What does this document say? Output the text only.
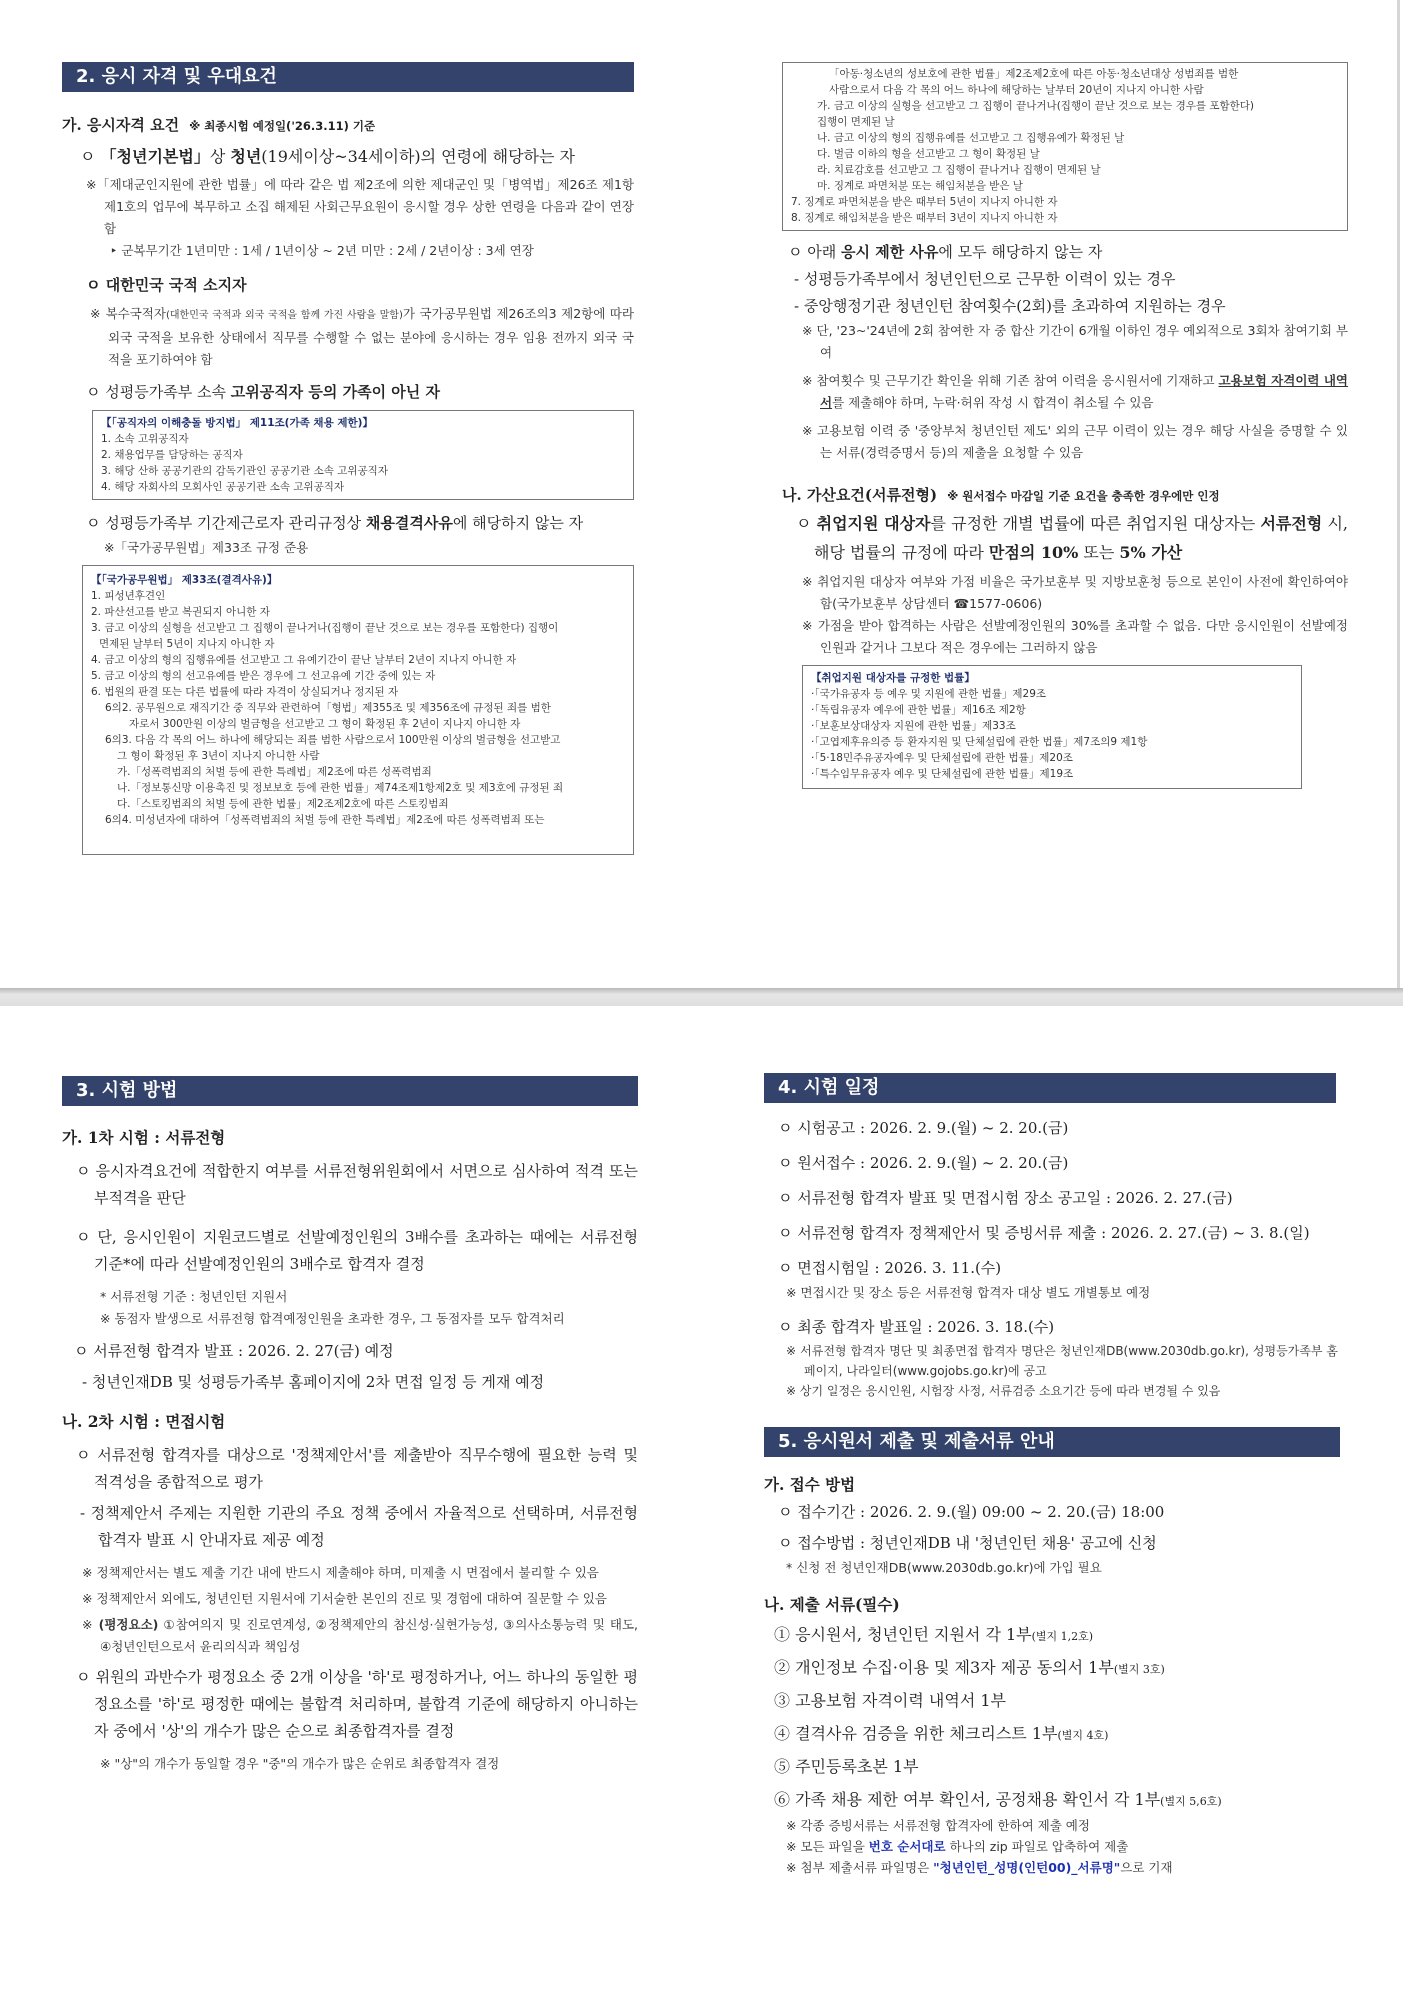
2. 응시 자격 및 우대요건
가. 응시자격 요건 ※ 최종시험 예정일('26.3.11) 기준
ㅇ 「청년기본법」상 청년(19세이상~34세이하)의 연령에 해당하는 자
※「제대군인지원에 관한 법률」에 따라 같은 법 제2조에 의한 제대군인 및「병역법」제26조 제1항 제1호의 업무에 복무하고 소집 해제된 사회근무요원이 응시할 경우 상한 연령을 다음과 같이 연장함
‣ 군복무기간 1년미만 : 1세 / 1년이상 ~ 2년 미만 : 2세 / 2년이상 : 3세 연장
ㅇ 대한민국 국적 소지자
※ 복수국적자(대한민국 국적과 외국 국적을 함께 가진 사람을 말함)가 국가공무원법 제26조의3 제2항에 따라 외국 국적을 보유한 상태에서 직무를 수행할 수 없는 분야에 응시하는 경우 임용 전까지 외국 국적을 포기하여야 함
ㅇ 성평등가족부 소속 고위공직자 등의 가족이 아닌 자
【「공직자의 이해충돌 방지법」 제11조(가족 채용 제한)】
1. 소속 고위공직자
2. 채용업무를 담당하는 공직자
3. 해당 산하 공공기관의 감독기관인 공공기관 소속 고위공직자
4. 해당 자회사의 모회사인 공공기관 소속 고위공직자
ㅇ 성평등가족부 기간제근로자 관리규정상 채용결격사유에 해당하지 않는 자
※「국가공무원법」제33조 규정 준용
【「국가공무원법」 제33조(결격사유)】
1. 피성년후견인
2. 파산선고를 받고 복권되지 아니한 자
3. 금고 이상의 실형을 선고받고 그 집행이 끝나거나(집행이 끝난 것으로 보는 경우를 포함한다) 집행이
면제된 날부터 5년이 지나지 아니한 자
4. 금고 이상의 형의 집행유예를 선고받고 그 유예기간이 끝난 날부터 2년이 지나지 아니한 자
5. 금고 이상의 형의 선고유예를 받은 경우에 그 선고유예 기간 중에 있는 자
6. 법원의 판결 또는 다른 법률에 따라 자격이 상실되거나 정지된 자
6의2. 공무원으로 재직기간 중 직무와 관련하여「형법」제355조 및 제356조에 규정된 죄를 범한
자로서 300만원 이상의 벌금형을 선고받고 그 형이 확정된 후 2년이 지나지 아니한 자
6의3. 다음 각 목의 어느 하나에 해당되는 죄를 범한 사람으로서 100만원 이상의 벌금형을 선고받고
그 형이 확정된 후 3년이 지나지 아니한 사람
가.「성폭력범죄의 처벌 등에 관한 특례법」제2조에 따른 성폭력범죄
나.「정보통신망 이용촉진 및 정보보호 등에 관한 법률」제74조제1항제2호 및 제3호에 규정된 죄
다.「스토킹범죄의 처벌 등에 관한 법률」제2조제2호에 따른 스토킹범죄
6의4. 미성년자에 대하여「성폭력범죄의 처벌 등에 관한 특례법」제2조에 따른 성폭력범죄 또는
「아동·청소년의 성보호에 관한 법률」제2조제2호에 따른 아동·청소년대상 성범죄를 범한
사람으로서 다음 각 목의 어느 하나에 해당하는 날부터 20년이 지나지 아니한 사람
가. 금고 이상의 실형을 선고받고 그 집행이 끝나거나(집행이 끝난 것으로 보는 경우를 포함한다)
집행이 면제된 날
나. 금고 이상의 형의 집행유예를 선고받고 그 집행유예가 확정된 날
다. 벌금 이하의 형을 선고받고 그 형이 확정된 날
라. 치료감호를 선고받고 그 집행이 끝나거나 집행이 면제된 날
마. 징계로 파면처분 또는 해임처분을 받은 날
7. 징계로 파면처분을 받은 때부터 5년이 지나지 아니한 자
8. 징계로 해임처분을 받은 때부터 3년이 지나지 아니한 자
ㅇ 아래 응시 제한 사유에 모두 해당하지 않는 자
- 성평등가족부에서 청년인턴으로 근무한 이력이 있는 경우
- 중앙행정기관 청년인턴 참여횟수(2회)를 초과하여 지원하는 경우
※ 단, '23~'24년에 2회 참여한 자 중 합산 기간이 6개월 이하인 경우 예외적으로 3회차 참여기회 부여
※ 참여횟수 및 근무기간 확인을 위해 기존 참여 이력을 응시원서에 기재하고 고용보험 자격이력 내역서를 제출해야 하며, 누락·허위 작성 시 합격이 취소될 수 있음
※ 고용보험 이력 중 '중앙부처 청년인턴 제도' 외의 근무 이력이 있는 경우 해당 사실을 증명할 수 있는 서류(경력증명서 등)의 제출을 요청할 수 있음
나. 가산요건(서류전형) ※ 원서접수 마감일 기준 요건을 충족한 경우에만 인정
ㅇ 취업지원 대상자를 규정한 개별 법률에 따른 취업지원 대상자는 서류전형 시, 해당 법률의 규정에 따라 만점의 10% 또는 5% 가산
※ 취업지원 대상자 여부와 가점 비율은 국가보훈부 및 지방보훈청 등으로 본인이 사전에 확인하여야 함(국가보훈부 상담센터 ☎1577-0606)
※ 가점을 받아 합격하는 사람은 선발예정인원의 30%를 초과할 수 없음. 다만 응시인원이 선발예정인원과 같거나 그보다 적은 경우에는 그러하지 않음
【취업지원 대상자를 규정한 법률】
·「국가유공자 등 예우 및 지원에 관한 법률」제29조
·「독립유공자 예우에 관한 법률」제16조 제2항
·「보훈보상대상자 지원에 관한 법률」제33조
·「고엽제후유의증 등 환자지원 및 단체설립에 관한 법률」제7조의9 제1항
·「5·18민주유공자예우 및 단체설립에 관한 법률」제20조
·「특수임무유공자 예우 및 단체설립에 관한 법률」제19조
3. 시험 방법
가. 1차 시험 : 서류전형
ㅇ 응시자격요건에 적합한지 여부를 서류전형위원회에서 서면으로 심사하여 적격 또는 부적격을 판단
ㅇ 단, 응시인원이 지원코드별로 선발예정인원의 3배수를 초과하는 때에는 서류전형 기준*에 따라 선발예정인원의 3배수로 합격자 결정
* 서류전형 기준 : 청년인턴 지원서
※ 동점자 발생으로 서류전형 합격예정인원을 초과한 경우, 그 동점자를 모두 합격처리
ㅇ 서류전형 합격자 발표 : 2026. 2. 27(금) 예정
- 청년인재DB 및 성평등가족부 홈페이지에 2차 면접 일정 등 게재 예정
나. 2차 시험 : 면접시험
ㅇ 서류전형 합격자를 대상으로 '정책제안서'를 제출받아 직무수행에 필요한 능력 및 적격성을 종합적으로 평가
- 정책제안서 주제는 지원한 기관의 주요 정책 중에서 자율적으로 선택하며, 서류전형 합격자 발표 시 안내자료 제공 예정
※ 정책제안서는 별도 제출 기간 내에 반드시 제출해야 하며, 미제출 시 면접에서 불리할 수 있음
※ 정책제안서 외에도, 청년인턴 지원서에 기서술한 본인의 진로 및 경험에 대하여 질문할 수 있음
※ (평정요소) ①참여의지 및 진로연계성, ②정책제안의 참신성·실현가능성, ③의사소통능력 및 태도, ④청년인턴으로서 윤리의식과 책임성
ㅇ 위원의 과반수가 평정요소 중 2개 이상을 '하'로 평정하거나, 어느 하나의 동일한 평정요소를 '하'로 평정한 때에는 불합격 처리하며, 불합격 기준에 해당하지 아니하는 자 중에서 '상'의 개수가 많은 순으로 최종합격자를 결정
※ "상"의 개수가 동일할 경우 "중"의 개수가 많은 순위로 최종합격자 결정
4. 시험 일정
ㅇ 시험공고 : 2026. 2. 9.(월) ~ 2. 20.(금)
ㅇ 원서접수 : 2026. 2. 9.(월) ~ 2. 20.(금)
ㅇ 서류전형 합격자 발표 및 면접시험 장소 공고일 : 2026. 2. 27.(금)
ㅇ 서류전형 합격자 정책제안서 및 증빙서류 제출 : 2026. 2. 27.(금) ~ 3. 8.(일)
ㅇ 면접시험일 : 2026. 3. 11.(수)
※ 면접시간 및 장소 등은 서류전형 합격자 대상 별도 개별통보 예정
ㅇ 최종 합격자 발표일 : 2026. 3. 18.(수)
※ 서류전형 합격자 명단 및 최종면접 합격자 명단은 청년인재DB(www.2030db.go.kr), 성평등가족부 홈페이지, 나라일터(www.gojobs.go.kr)에 공고
※ 상기 일정은 응시인원, 시험장 사정, 서류검증 소요기간 등에 따라 변경될 수 있음
5. 응시원서 제출 및 제출서류 안내
가. 접수 방법
ㅇ 접수기간 : 2026. 2. 9.(월) 09:00 ~ 2. 20.(금) 18:00
ㅇ 접수방법 : 청년인재DB 내 '청년인턴 채용' 공고에 신청
* 신청 전 청년인재DB(www.2030db.go.kr)에 가입 필요
나. 제출 서류(필수)
① 응시원서, 청년인턴 지원서 각 1부(별지 1,2호)
② 개인정보 수집·이용 및 제3자 제공 동의서 1부(별지 3호)
③ 고용보험 자격이력 내역서 1부
④ 결격사유 검증을 위한 체크리스트 1부(별지 4호)
⑤ 주민등록초본 1부
⑥ 가족 채용 제한 여부 확인서, 공정채용 확인서 각 1부(별지 5,6호)
※ 각종 증빙서류는 서류전형 합격자에 한하여 제출 예정
※ 모든 파일을 번호 순서대로 하나의 zip 파일로 압축하여 제출
※ 첨부 제출서류 파일명은 "청년인턴_성명(인턴00)_서류명"으로 기재
